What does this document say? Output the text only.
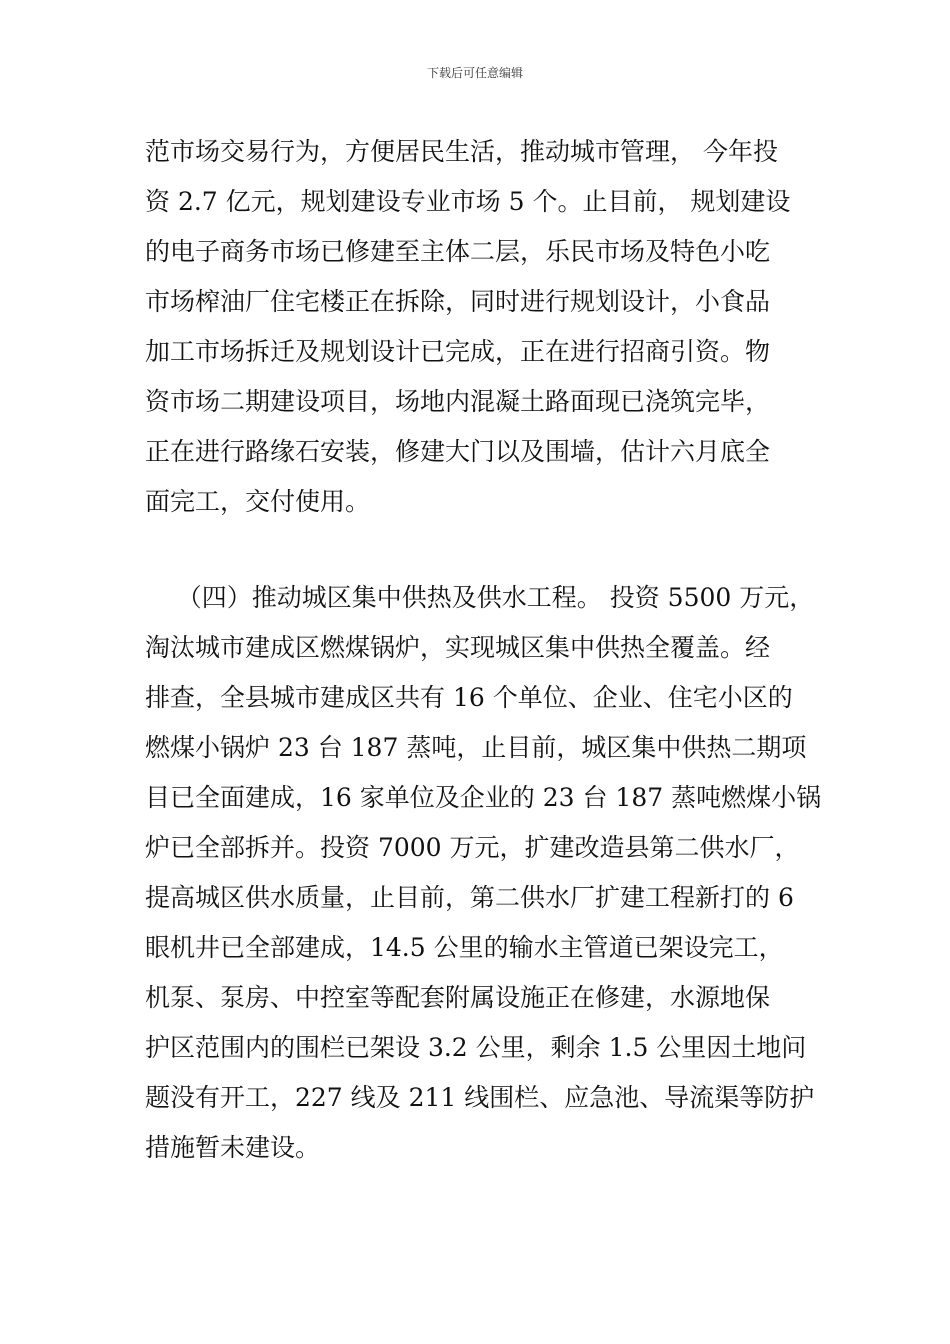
下载后可任意编辑
范市场交易行为，方便居民生活，推动城市管理， 今年投
资 2.7 亿元，规划建设专业市场 5 个。止目前， 规划建设
的电子商务市场已修建至主体二层，乐民市场及特色小吃
市场榨油厂住宅楼正在拆除，同时进行规划设计，小食品
加工市场拆迁及规划设计已完成，正在进行招商引资。物
资市场二期建设项目，场地内混凝土路面现已浇筑完毕，
正在进行路缘石安装，修建大门以及围墙，估计六月底全
面完工，交付使用。
（四）推动城区集中供热及供水工程。 投资 5500 万元，
淘汰城市建成区燃煤锅炉，实现城区集中供热全覆盖。经
排查，全县城市建成区共有 16 个单位、企业、住宅小区的
燃煤小锅炉 23 台 187 蒸吨，止目前，城区集中供热二期项
目已全面建成，16 家单位及企业的 23 台 187 蒸吨燃煤小锅
炉已全部拆并。投资 7000 万元，扩建改造县第二供水厂，
提高城区供水质量，止目前，第二供水厂扩建工程新打的 6
眼机井已全部建成，14.5 公里的输水主管道已架设完工，
机泵、泵房、中控室等配套附属设施正在修建，水源地保
护区范围内的围栏已架设 3.2 公里，剩余 1.5 公里因土地问
题没有开工，227 线及 211 线围栏、应急池、导流渠等防护
措施暂未建设。
